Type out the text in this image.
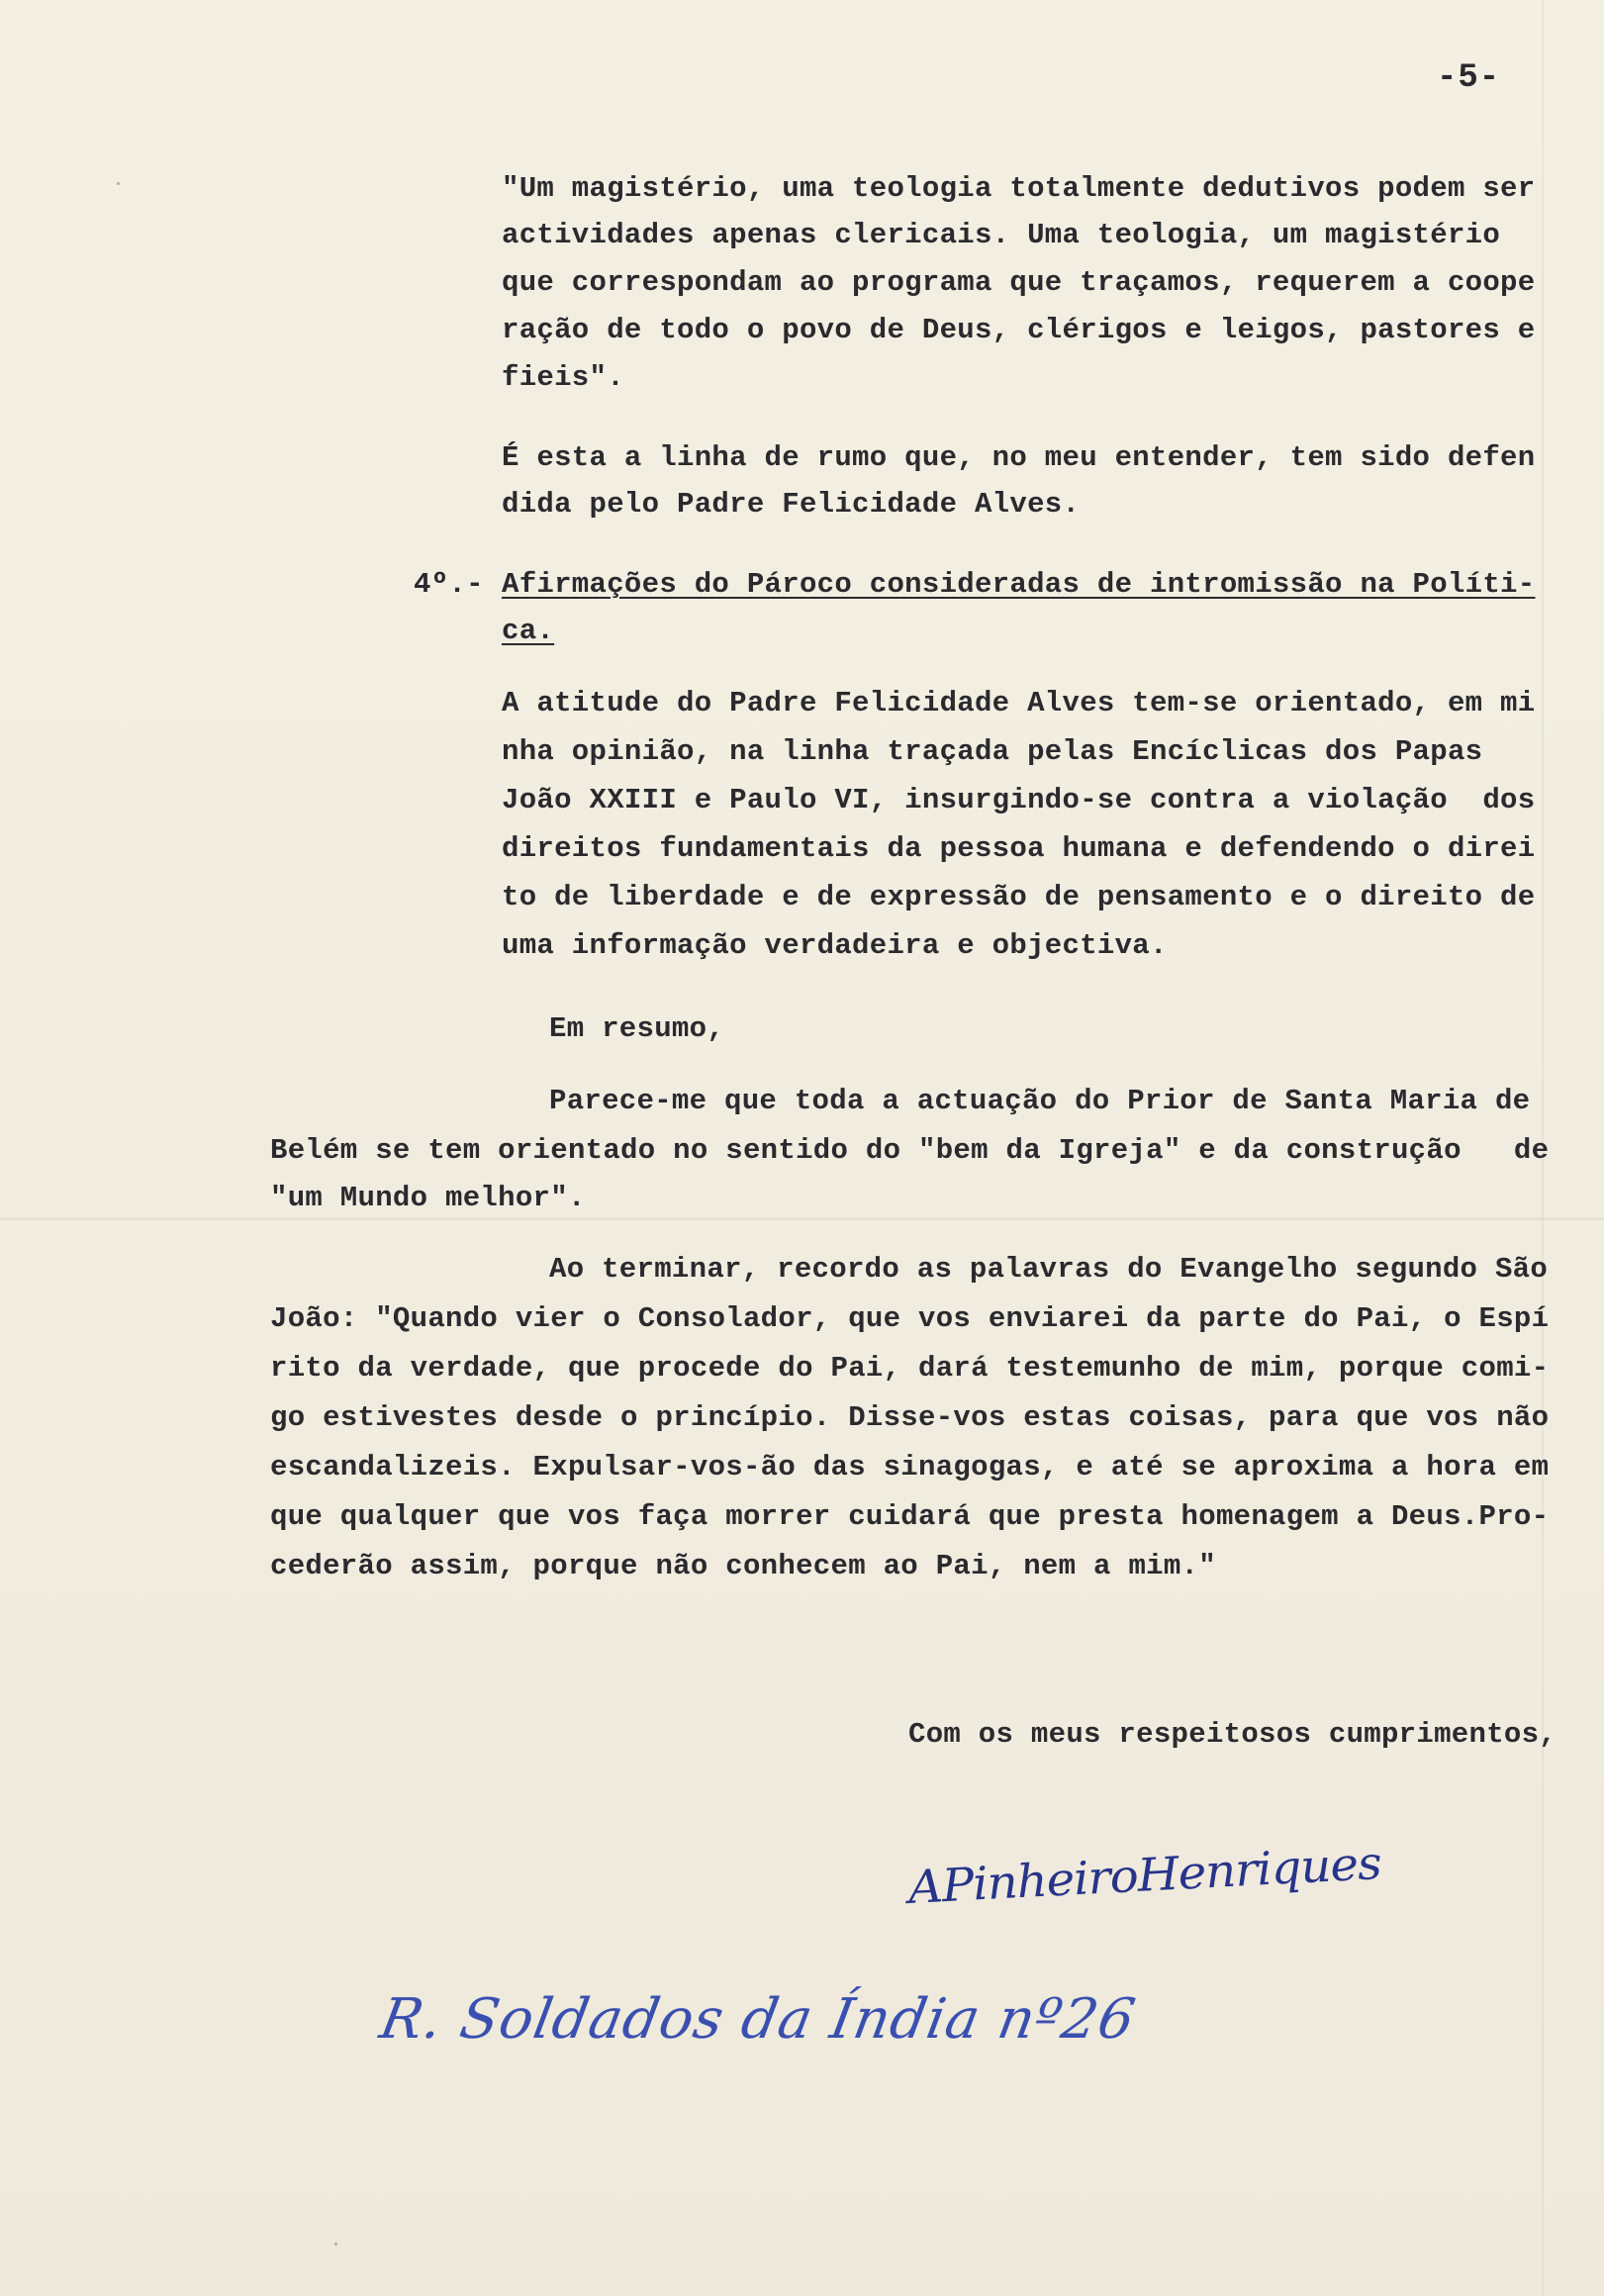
-5-
"Um magistério, uma teologia totalmente dedutivos podem ser
actividades apenas clericais. Uma teologia, um magistério
que correspondam ao programa que traçamos, requerem a coope
ração de todo o povo de Deus, clérigos e leigos, pastores e
fieis".
É esta a linha de rumo que, no meu entender, tem sido defen
dida pelo Padre Felicidade Alves.
4º.- Afirmações do Pároco consideradas de intromissão na Políti-
ca.
A atitude do Padre Felicidade Alves tem-se orientado, em mi
nha opinião, na linha traçada pelas Encíclicas dos Papas
João XXIII e Paulo VI, insurgindo-se contra a violação  dos
direitos fundamentais da pessoa humana e defendendo o direi
to de liberdade e de expressão de pensamento e o direito de
uma informação verdadeira e objectiva.
Em resumo,
Parece-me que toda a actuação do Prior de Santa Maria de
Belém se tem orientado no sentido do "bem da Igreja" e da construção   de
"um Mundo melhor".
Ao terminar, recordo as palavras do Evangelho segundo São
João: "Quando vier o Consolador, que vos enviarei da parte do Pai, o Espí
rito da verdade, que procede do Pai, dará testemunho de mim, porque comi-
go estivestes desde o princípio. Disse-vos estas coisas, para que vos não
escandalizeis. Expulsar-vos-ão das sinagogas, e até se aproxima a hora em
que qualquer que vos faça morrer cuidará que presta homenagem a Deus.Pro-
cederão assim, porque não conhecem ao Pai, nem a mim."
Com os meus respeitosos cumprimentos,
APinheiroHenriques
R. Soldados da Índia nº26
